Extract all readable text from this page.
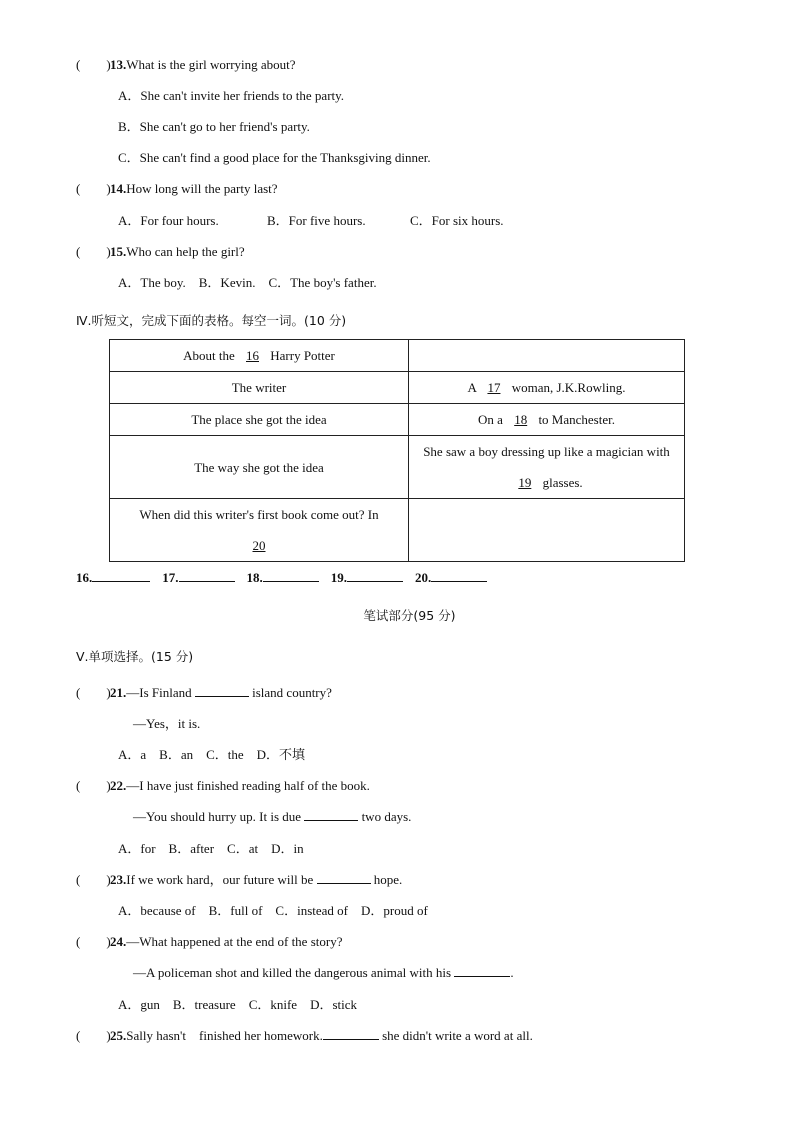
( )13.What is the girl worrying about?
A．She can't invite her friends to the party.
B．She can't go to her friend's party.
C．She can't find a good place for the Thanksgiving dinner.
( )14.How long will the party last?
A．For four hours.	B．For five hours.	C．For six hours.
( )15.Who can help the girl?
A．The boy.    B．Kevin.    C．The boy's father.
Ⅳ.听短文，完成下面的表格。每空一词。(10 分)
About the 16 Harry Potter	
The writer	A 17 woman, J.K.Rowling.
The place she got the idea	On a 18 to Manchester.
The way she got the idea	She saw a boy dressing up like a magician with
19 glasses.

When did this writer's first book come out? In
20	

16.	17.	18.	19.	20.
笔试部分(95 分)
Ⅴ.单项选择。(15 分)
( )21.—Is Finland	island country?
—Yes，it is.
A．a    B．an    C．the    D．不填
( )22.—I have just finished reading half of the book.
—You should hurry up. It is due	two days.
A．for    B．after    C．at    D．in
( )23.If we work hard，our future will be	hope.
A．because of    B．full of    C．instead of    D．proud of
( )24.—What happened at the end of the story?
—A policeman shot and killed the dangerous animal with his	.
A．gun    B．treasure    C．knife    D．stick
( )25.Sally hasn't    finished her homework.	she didn't write a word at all.
